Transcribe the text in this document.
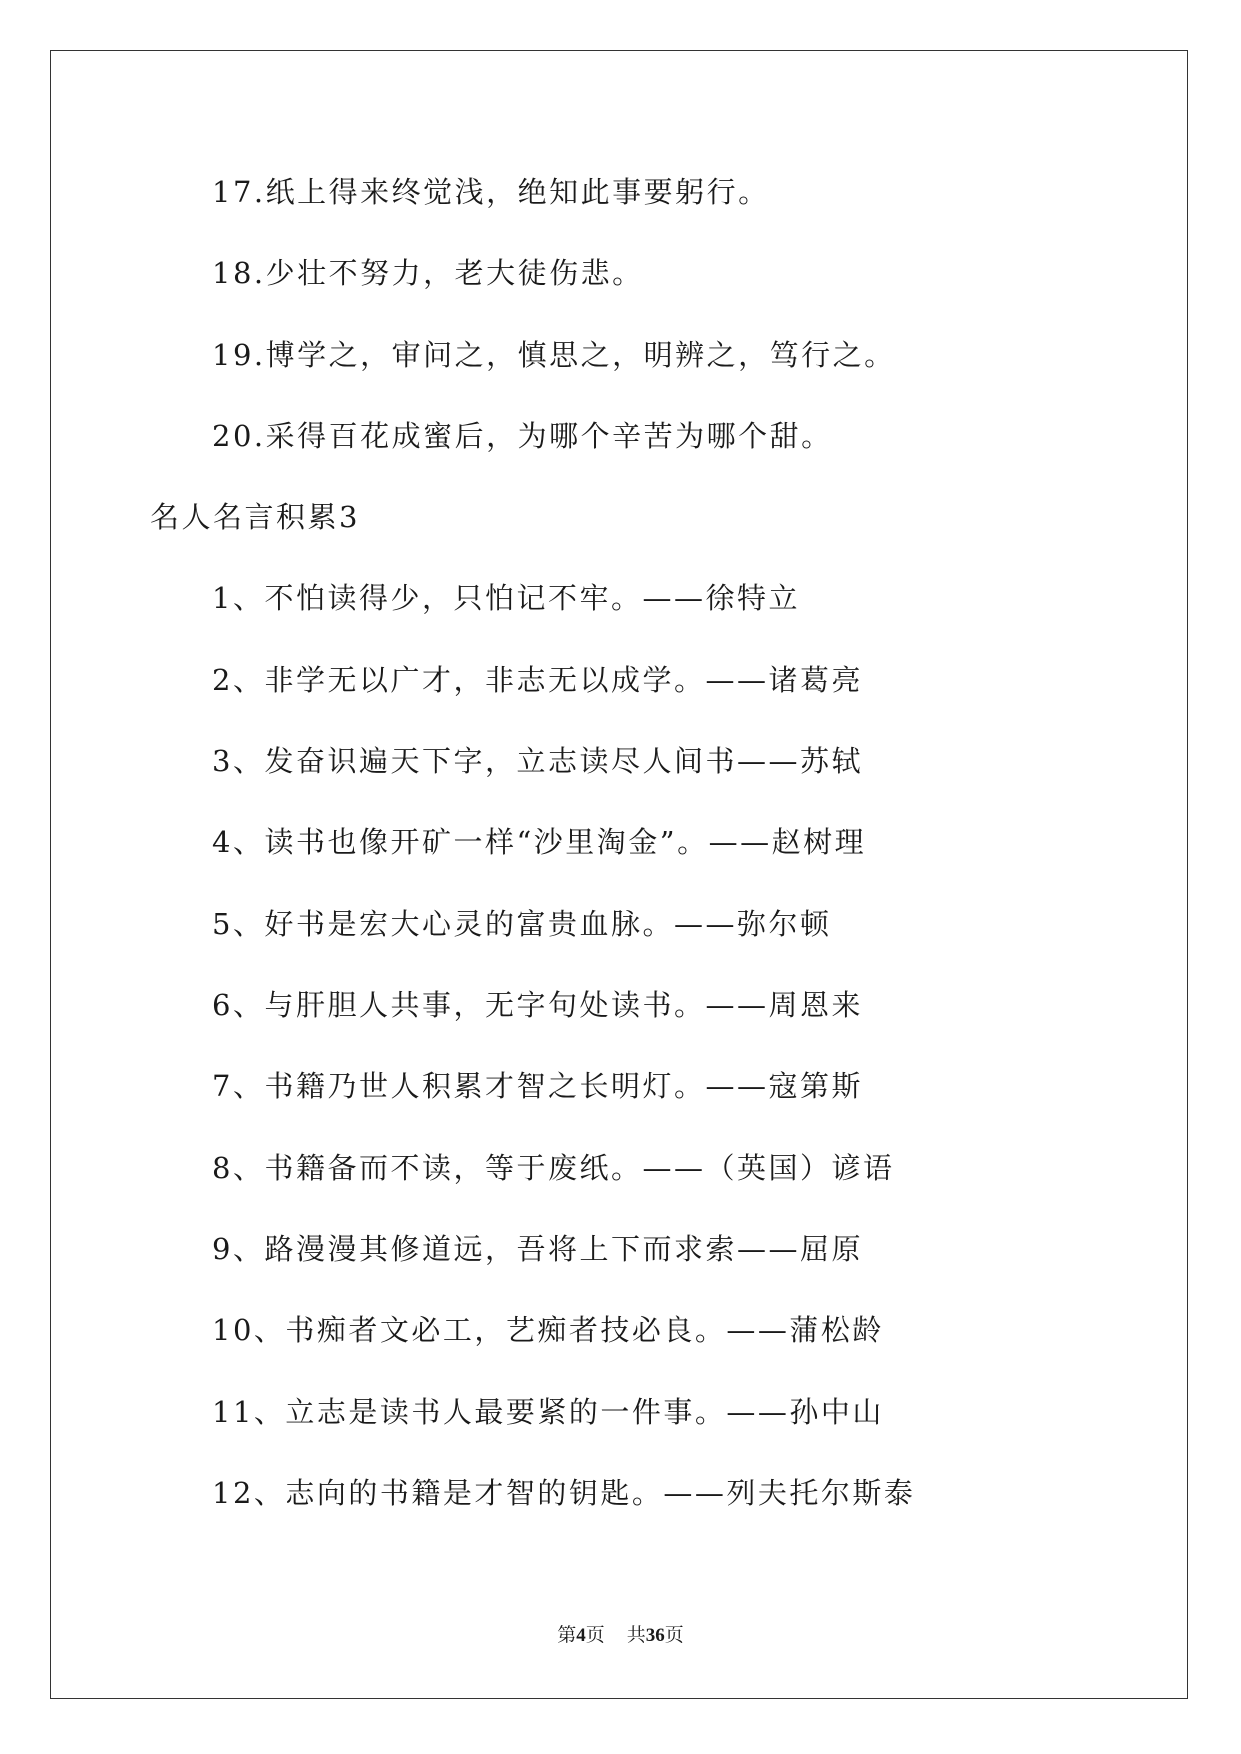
17.纸上得来终觉浅，绝知此事要躬行。
18.少壮不努力，老大徒伤悲。
19.博学之，审问之，慎思之，明辨之，笃行之。
20.采得百花成蜜后，为哪个辛苦为哪个甜。
名人名言积累3
1、不怕读得少，只怕记不牢。——徐特立
2、非学无以广才，非志无以成学。——诸葛亮
3、发奋识遍天下字，立志读尽人间书——苏轼
4、读书也像开矿一样“沙里淘金”。——赵树理
5、好书是宏大心灵的富贵血脉。——弥尔顿
6、与肝胆人共事，无字句处读书。——周恩来
7、书籍乃世人积累才智之长明灯。——寇第斯
8、书籍备而不读，等于废纸。——（英国）谚语
9、路漫漫其修道远，吾将上下而求索——屈原
10、书痴者文必工，艺痴者技必良。——蒲松龄
11、立志是读书人最要紧的一件事。——孙中山
12、志向的书籍是才智的钥匙。——列夫托尔斯泰
第4页 共36页
